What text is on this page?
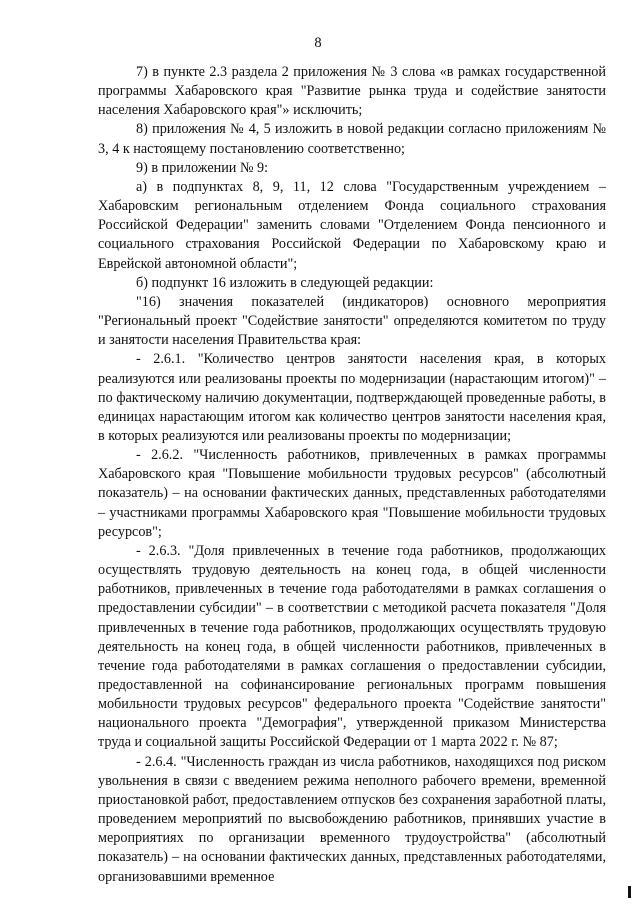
8

7) в пункте 2.3 раздела 2 приложения № 3 слова «в рамках государственной программы Хабаровского края "Развитие рынка труда и содействие занятости населения Хабаровского края"» исключить;

8) приложения № 4, 5 изложить в новой редакции согласно приложениям № 3, 4 к настоящему постановлению соответственно;

9) в приложении № 9:

а) в подпунктах 8, 9, 11, 12 слова "Государственным учреждением – Хабаровским региональным отделением Фонда социального страхования Российской Федерации" заменить словами "Отделением Фонда пенсионного и социального страхования Российской Федерации по Хабаровскому краю и Еврейской автономной области";

б) подпункт 16 изложить в следующей редакции:

"16) значения показателей (индикаторов) основного мероприятия "Региональный проект "Содействие занятости" определяются комитетом по труду и занятости населения Правительства края:

- 2.6.1. "Количество центров занятости населения края, в которых реализуются или реализованы проекты по модернизации (нарастающим итогом)" – по фактическому наличию документации, подтверждающей проведенные работы, в единицах нарастающим итогом как количество центров занятости населения края, в которых реализуются или реализованы проекты по модернизации;

- 2.6.2. "Численность работников, привлеченных в рамках программы Хабаровского края "Повышение мобильности трудовых ресурсов" (абсолютный показатель) – на основании фактических данных, представленных работодателями – участниками программы Хабаровского края "Повышение мобильности трудовых ресурсов";

- 2.6.3. "Доля привлеченных в течение года работников, продолжающих осуществлять трудовую деятельность на конец года, в общей численности работников, привлеченных в течение года работодателями в рамках соглашения о предоставлении субсидии" – в соответствии с методикой расчета показателя "Доля привлеченных в течение года работников, продолжающих осуществлять трудовую деятельность на конец года, в общей численности работников, привлеченных в течение года работодателями в рамках соглашения о предоставлении субсидии, предоставленной на софинансирование региональных программ повышения мобильности трудовых ресурсов" федерального проекта "Содействие занятости" национального проекта "Демография", утвержденной приказом Министерства труда и социальной защиты Российской Федерации от 1 марта 2022 г. № 87;

- 2.6.4. "Численность граждан из числа работников, находящихся под риском увольнения в связи с введением режима неполного рабочего времени, временной приостановкой работ, предоставлением отпусков без сохранения заработной платы, проведением мероприятий по высвобождению работников, принявших участие в мероприятиях по организации временного трудоустройства" (абсолютный показатель) – на основании фактических данных, представленных работодателями, организовавшими временное
